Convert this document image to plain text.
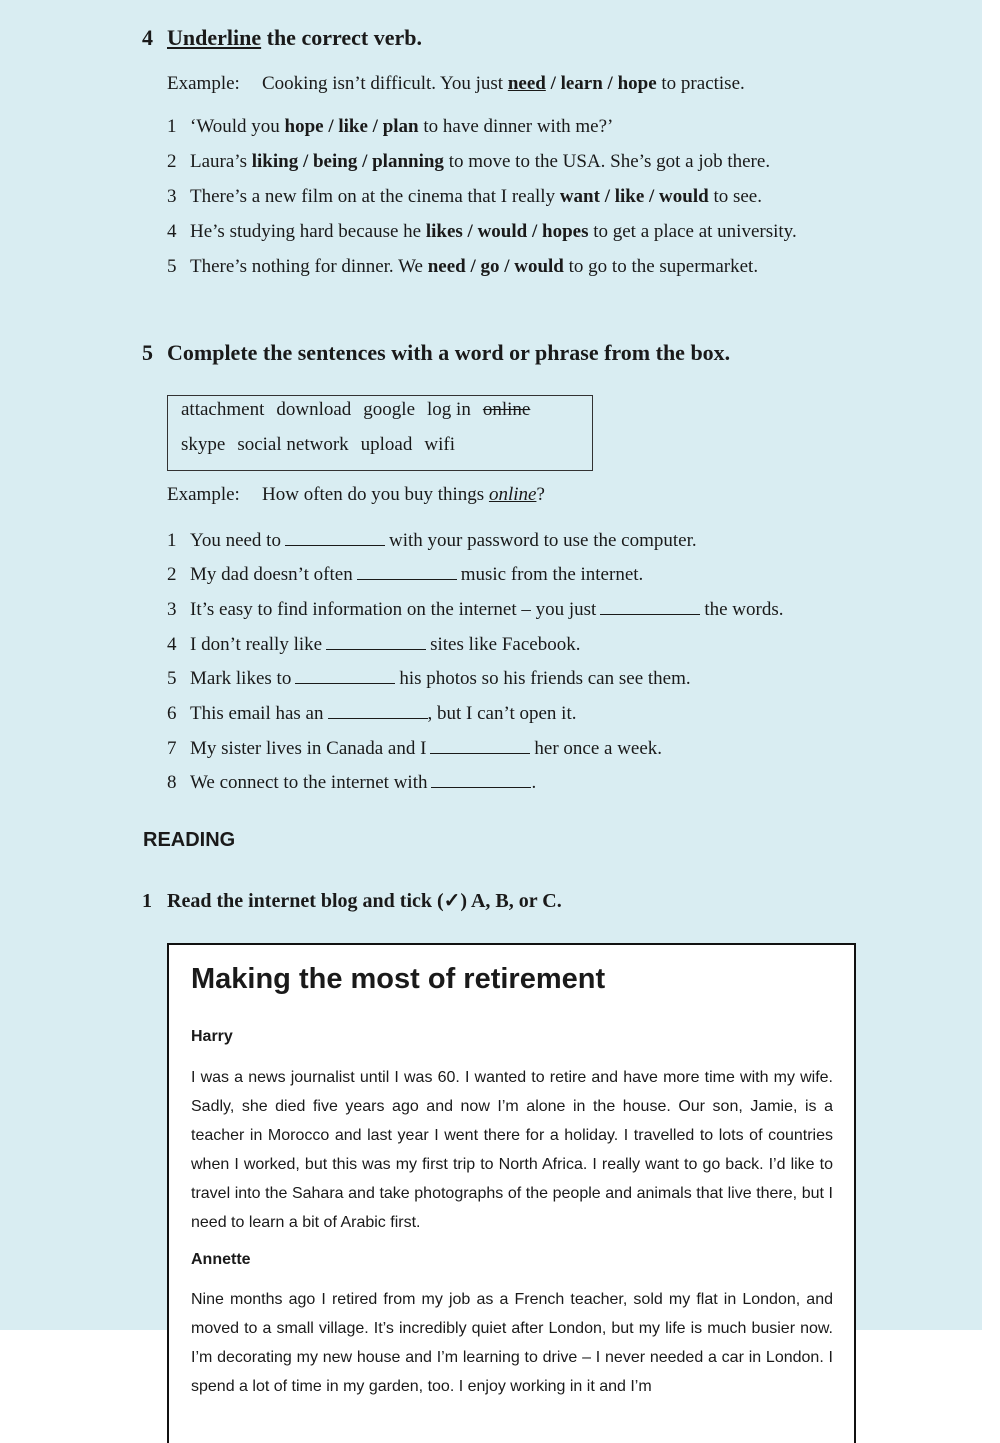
4 Underline the correct verb.
Example: Cooking isn’t difficult. You just need / learn / hope to practise.
1 ‘Would you hope / like / plan to have dinner with me?’
2 Laura’s liking / being / planning to move to the USA. She’s got a job there.
3 There’s a new film on at the cinema that I really want / like / would to see.
4 He’s studying hard because he likes / would / hopes to get a place at university.
5 There’s nothing for dinner. We need / go / would to go to the supermarket.
5 Complete the sentences with a word or phrase from the box.
attachment download google log in online
skype social network upload wifi
Example: How often do you buy things online?
1 You need to	with your password to use the computer.
2 My dad doesn’t often	music from the internet.
3 It’s easy to find information on the internet – you just	the words.
4 I don’t really like	sites like Facebook.
5 Mark likes to	his photos so his friends can see them.
6 This email has an	, but I can’t open it.
7 My sister lives in Canada and I	her once a week.
8 We connect to the internet with	.
READING
1 Read the internet blog and tick (✓) A, B, or C.
Making the most of retirement
Harry

I was a news journalist until I was 60. I wanted to retire and have more time with my wife. Sadly, she died five years ago and now I’m alone in the house. Our son, Jamie, is a teacher in Morocco and last year I went there for a holiday. I travelled to lots of countries when I worked, but this was my first trip to North Africa. I really want to go back. I’d like to travel into the Sahara and take photographs of the people and animals that live there, but I need to learn a bit of Arabic first.

Annette

Nine months ago I retired from my job as a French teacher, sold my flat in London, and moved to a small village. It’s incredibly quiet after London, but my life is much busier now. I’m decorating my new house and I’m learning to drive – I never needed a car in London. I spend a lot of time in my garden, too. I enjoy working in it and I’m
